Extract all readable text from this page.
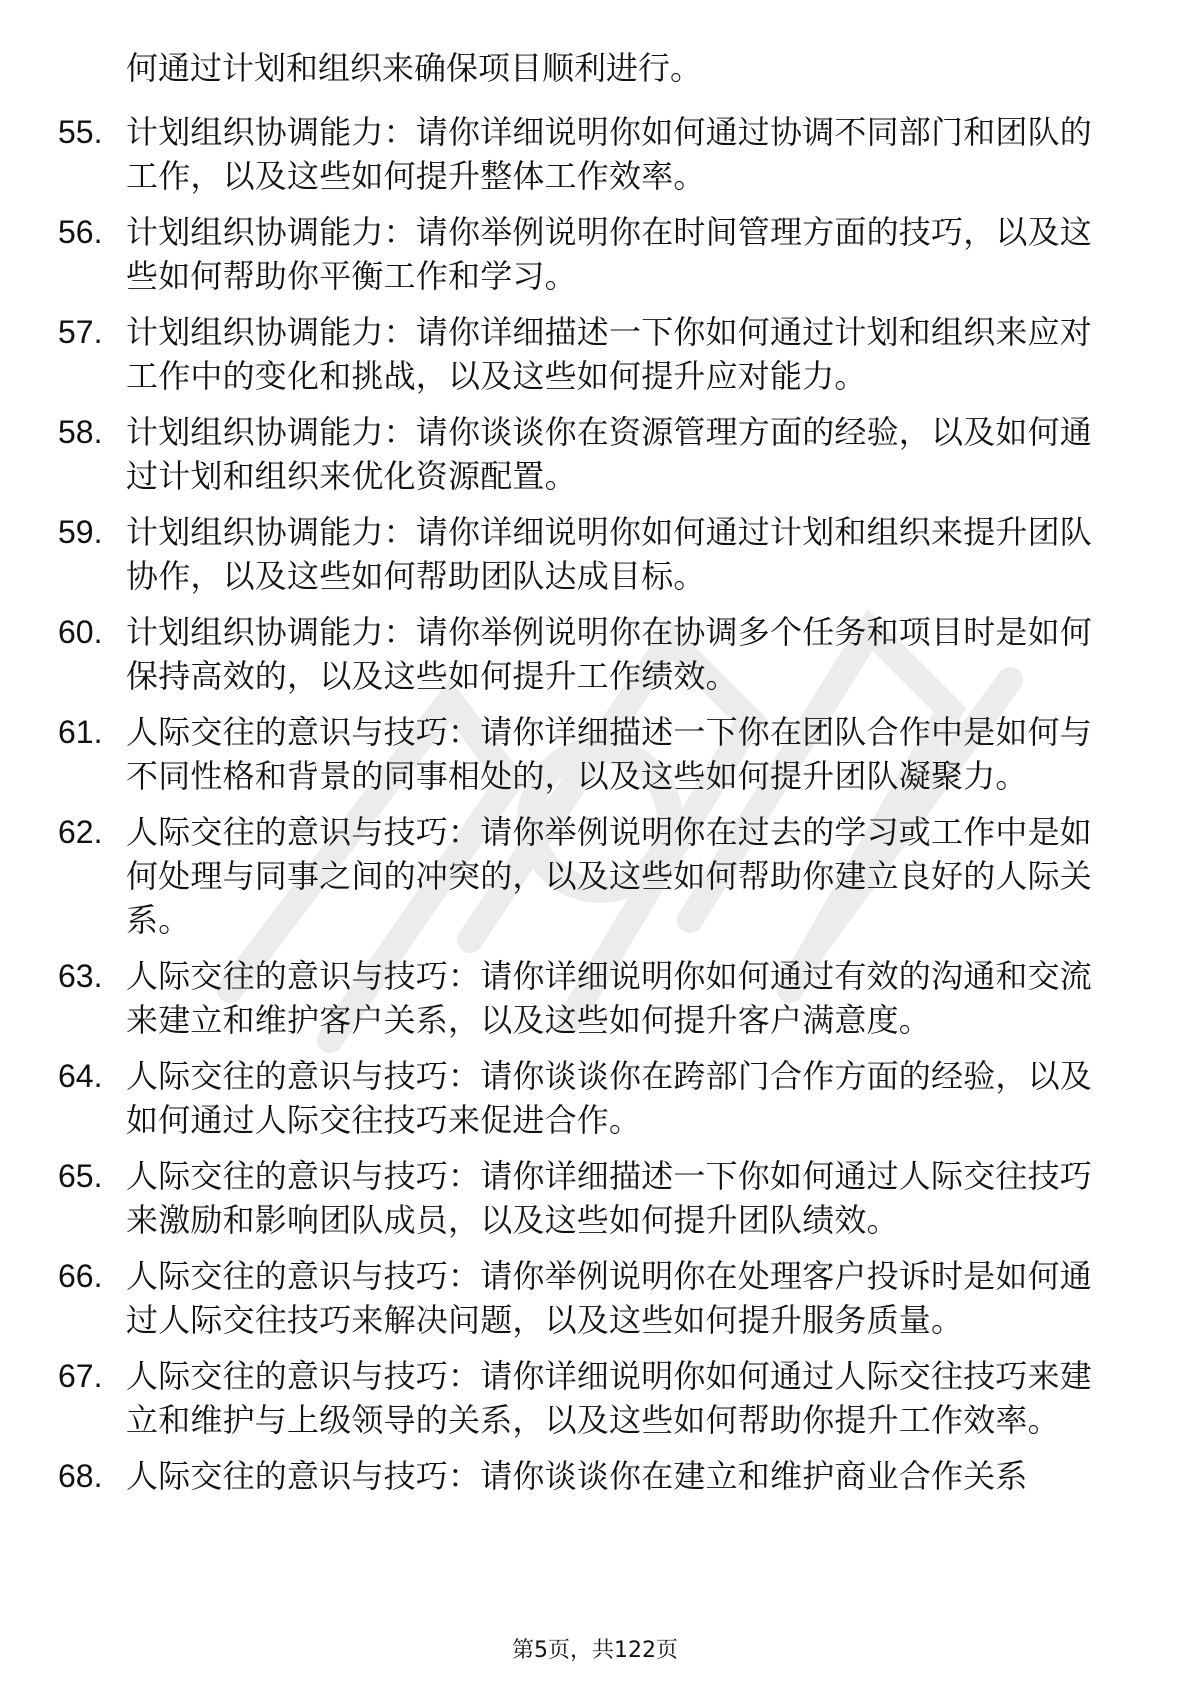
何通过计划和组织来确保项目顺利进行。
55. 计划组织协调能力：请你详细说明你如何通过协调不同部门和团队的工作，以及这些如何提升整体工作效率。
56. 计划组织协调能力：请你举例说明你在时间管理方面的技巧，以及这些如何帮助你平衡工作和学习。
57. 计划组织协调能力：请你详细描述一下你如何通过计划和组织来应对工作中的变化和挑战，以及这些如何提升应对能力。
58. 计划组织协调能力：请你谈谈你在资源管理方面的经验，以及如何通过计划和组织来优化资源配置。
59. 计划组织协调能力：请你详细说明你如何通过计划和组织来提升团队协作，以及这些如何帮助团队达成目标。
60. 计划组织协调能力：请你举例说明你在协调多个任务和项目时是如何保持高效的，以及这些如何提升工作绩效。
61. 人际交往的意识与技巧：请你详细描述一下你在团队合作中是如何与不同性格和背景的同事相处的，以及这些如何提升团队凝聚力。
62. 人际交往的意识与技巧：请你举例说明你在过去的学习或工作中是如何处理与同事之间的冲突的，以及这些如何帮助你建立良好的人际关系。
63. 人际交往的意识与技巧：请你详细说明你如何通过有效的沟通和交流来建立和维护客户关系，以及这些如何提升客户满意度。
64. 人际交往的意识与技巧：请你谈谈你在跨部门合作方面的经验，以及如何通过人际交往技巧来促进合作。
65. 人际交往的意识与技巧：请你详细描述一下你如何通过人际交往技巧来激励和影响团队成员，以及这些如何提升团队绩效。
66. 人际交往的意识与技巧：请你举例说明你在处理客户投诉时是如何通过人际交往技巧来解决问题，以及这些如何提升服务质量。
67. 人际交往的意识与技巧：请你详细说明你如何通过人际交往技巧来建立和维护与上级领导的关系，以及这些如何帮助你提升工作效率。
68. 人际交往的意识与技巧：请你谈谈你在建立和维护商业合作关系
第5页，共122页
